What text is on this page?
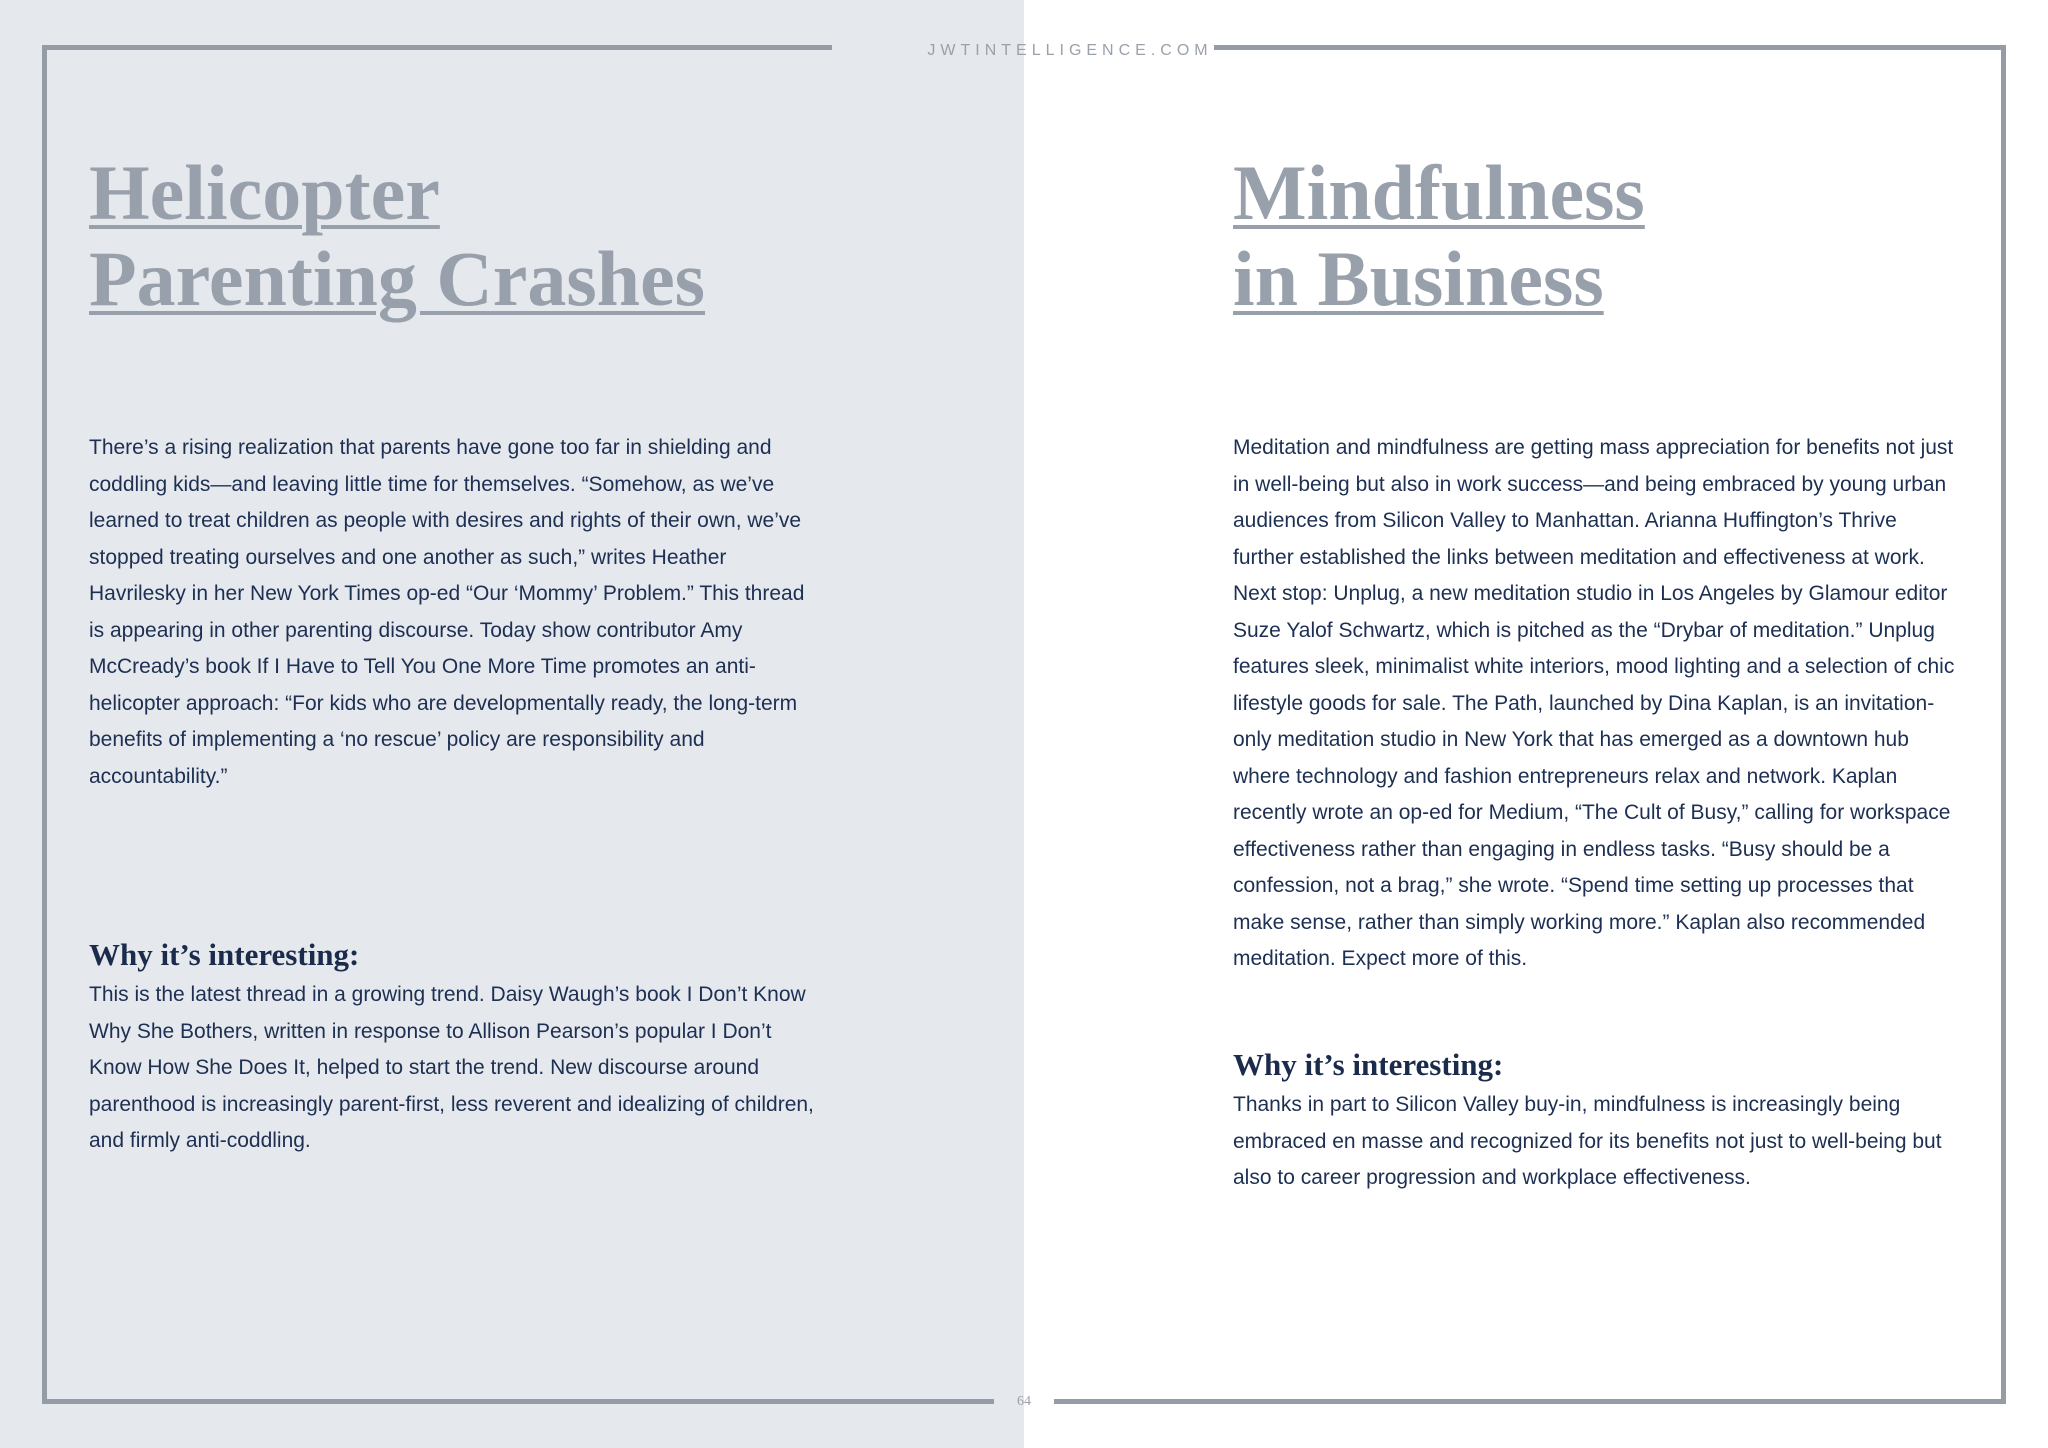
JWTINTELLIGENCE.COM
64
Helicopter
Parenting Crashes

There’s a rising realization that parents have gone too far in shielding and coddling kids—and leaving little time for themselves. “Somehow, as we’ve learned to treat children as people with desires and rights of their own, we’ve stopped treating ourselves and one another as such,” writes Heather Havrilesky in her New York Times op-ed “Our ‘Mommy’ Problem.” This thread is appearing in other parenting discourse. Today show contributor Amy McCready’s book If I Have to Tell You One More Time promotes an anti-helicopter approach: “For kids who are developmentally ready, the long-term benefits of implementing a ‘no rescue’ policy are responsibility and accountability.”

Why it’s interesting:

This is the latest thread in a growing trend. Daisy Waugh’s book I Don’t Know Why She Bothers, written in response to Allison Pearson’s popular I Don’t Know How She Does It, helped to start the trend. New discourse around parenthood is increasingly parent-first, less reverent and idealizing of children, and firmly anti-coddling.

Mindfulness
in Business

Meditation and mindfulness are getting mass appreciation for benefits not just in well-being but also in work success—and being embraced by young urban audiences from Silicon Valley to Manhattan. Arianna Huffington’s Thrive further established the links between meditation and effectiveness at work. Next stop: Unplug, a new meditation studio in Los Angeles by Glamour editor Suze Yalof Schwartz, which is pitched as the “Drybar of meditation.” Unplug features sleek, minimalist white interiors, mood lighting and a selection of chic lifestyle goods for sale. The Path, launched by Dina Kaplan, is an invitation-only meditation studio in New York that has emerged as a downtown hub where technology and fashion entrepreneurs relax and network. Kaplan recently wrote an op-ed for Medium, “The Cult of Busy,” calling for workspace effectiveness rather than engaging in endless tasks. “Busy should be a confession, not a brag,” she wrote. “Spend time setting up processes that make sense, rather than simply working more.” Kaplan also recommended meditation. Expect more of this.

Why it’s interesting:

Thanks in part to Silicon Valley buy-in, mindfulness is increasingly being embraced en masse and recognized for its benefits not just to well-being but also to career progression and workplace effectiveness.
